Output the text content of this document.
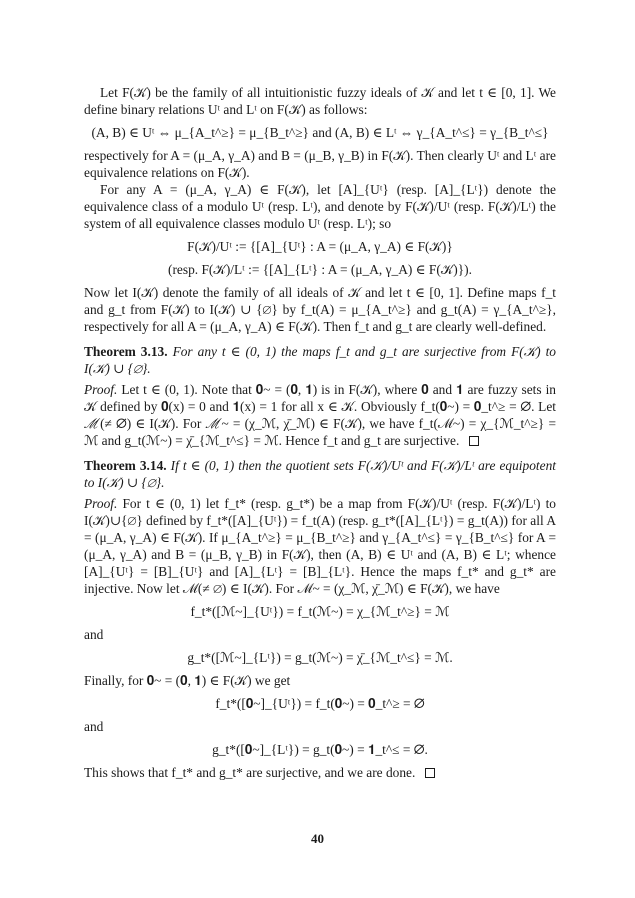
Let F(𝒦) be the family of all intuitionistic fuzzy ideals of 𝒦 and let t ∈ [0, 1]. We define binary relations Uᵗ and Lᵗ on F(𝒦) as follows:

(A, B) ∈ Uᵗ ⇔ μ_{A_t^≥} = μ_{B_t^≥} and (A, B) ∈ Lᵗ ⇔ γ_{A_t^≤} = γ_{B_t^≤}

respectively for A = (μ_A, γ_A) and B = (μ_B, γ_B) in F(𝒦). Then clearly Uᵗ and Lᵗ are equivalence relations on F(𝒦).

For any A = (μ_A, γ_A) ∈ F(𝒦), let [A]_{Uᵗ} (resp. [A]_{Lᵗ}) denote the equivalence class of a modulo Uᵗ (resp. Lᵗ), and denote by F(𝒦)/Uᵗ (resp. F(𝒦)/Lᵗ) the system of all equivalence classes modulo Uᵗ (resp. Lᵗ); so

F(𝒦)/Uᵗ := {[A]_{Uᵗ} : A = (μ_A, γ_A) ∈ F(𝒦)}

(resp. F(𝒦)/Lᵗ := {[A]_{Lᵗ} : A = (μ_A, γ_A) ∈ F(𝒦)}).

Now let I(𝒦) denote the family of all ideals of 𝒦 and let t ∈ [0, 1]. Define maps f_t and g_t from F(𝒦) to I(𝒦) ∪ {∅} by f_t(A) = μ_{A_t^≥} and g_t(A) = γ_{A_t^≥}, respectively for all A = (μ_A, γ_A) ∈ F(𝒦). Then f_t and g_t are clearly well-defined.

Theorem 3.13. For any t ∈ (0, 1) the maps f_t and g_t are surjective from F(𝒦) to I(𝒦) ∪ {∅}.

Proof. Let t ∈ (0, 1). Note that 𝟎~ = (𝟎, 𝟏) is in F(𝒦), where 𝟎 and 𝟏 are fuzzy sets in 𝒦 defined by 𝟎(x) = 0 and 𝟏(x) = 1 for all x ∈ 𝒦. Obviously f_t(𝟎~) = 𝟎_t^≥ = ∅. Let ℳ(≠ ∅) ∈ I(𝒦). For ℳ~ = (χ_ℳ, χ̄_ℳ) ∈ F(𝒦), we have f_t(ℳ~) = χ_{ℳ_t^≥} = ℳ and g_t(ℳ~) = χ̄_{ℳ_t^≤} = ℳ. Hence f_t and g_t are surjective.

Theorem 3.14. If t ∈ (0, 1) then the quotient sets F(𝒦)/Uᵗ and F(𝒦)/Lᵗ are equipotent to I(𝒦) ∪ {∅}.

Proof. For t ∈ (0, 1) let f_t* (resp. g_t*) be a map from F(𝒦)/Uᵗ (resp. F(𝒦)/Lᵗ) to I(𝒦)∪{∅} defined by f_t*([A]_{Uᵗ}) = f_t(A) (resp. g_t*([A]_{Lᵗ}) = g_t(A)) for all A = (μ_A, γ_A) ∈ F(𝒦). If μ_{A_t^≥} = μ_{B_t^≥} and γ_{A_t^≤} = γ_{B_t^≤} for A = (μ_A, γ_A) and B = (μ_B, γ_B) in F(𝒦), then (A, B) ∈ Uᵗ and (A, B) ∈ Lᵗ; whence [A]_{Uᵗ} = [B]_{Uᵗ} and [A]_{Lᵗ} = [B]_{Lᵗ}. Hence the maps f_t* and g_t* are injective. Now let ℳ(≠ ∅) ∈ I(𝒦). For ℳ~ = (χ_ℳ, χ̄_ℳ) ∈ F(𝒦), we have

f_t*([ℳ~]_{Uᵗ}) = f_t(ℳ~) = χ_{ℳ_t^≥} = ℳ

and

g_t*([ℳ~]_{Lᵗ}) = g_t(ℳ~) = χ̄_{ℳ_t^≤} = ℳ.

Finally, for 𝟎~ = (𝟎, 𝟏) ∈ F(𝒦) we get

f_t*([𝟎~]_{Uᵗ}) = f_t(𝟎~) = 𝟎_t^≥ = ∅

and

g_t*([𝟎~]_{Lᵗ}) = g_t(𝟎~) = 𝟏_t^≤ = ∅.

This shows that f_t* and g_t* are surjective, and we are done.

40
